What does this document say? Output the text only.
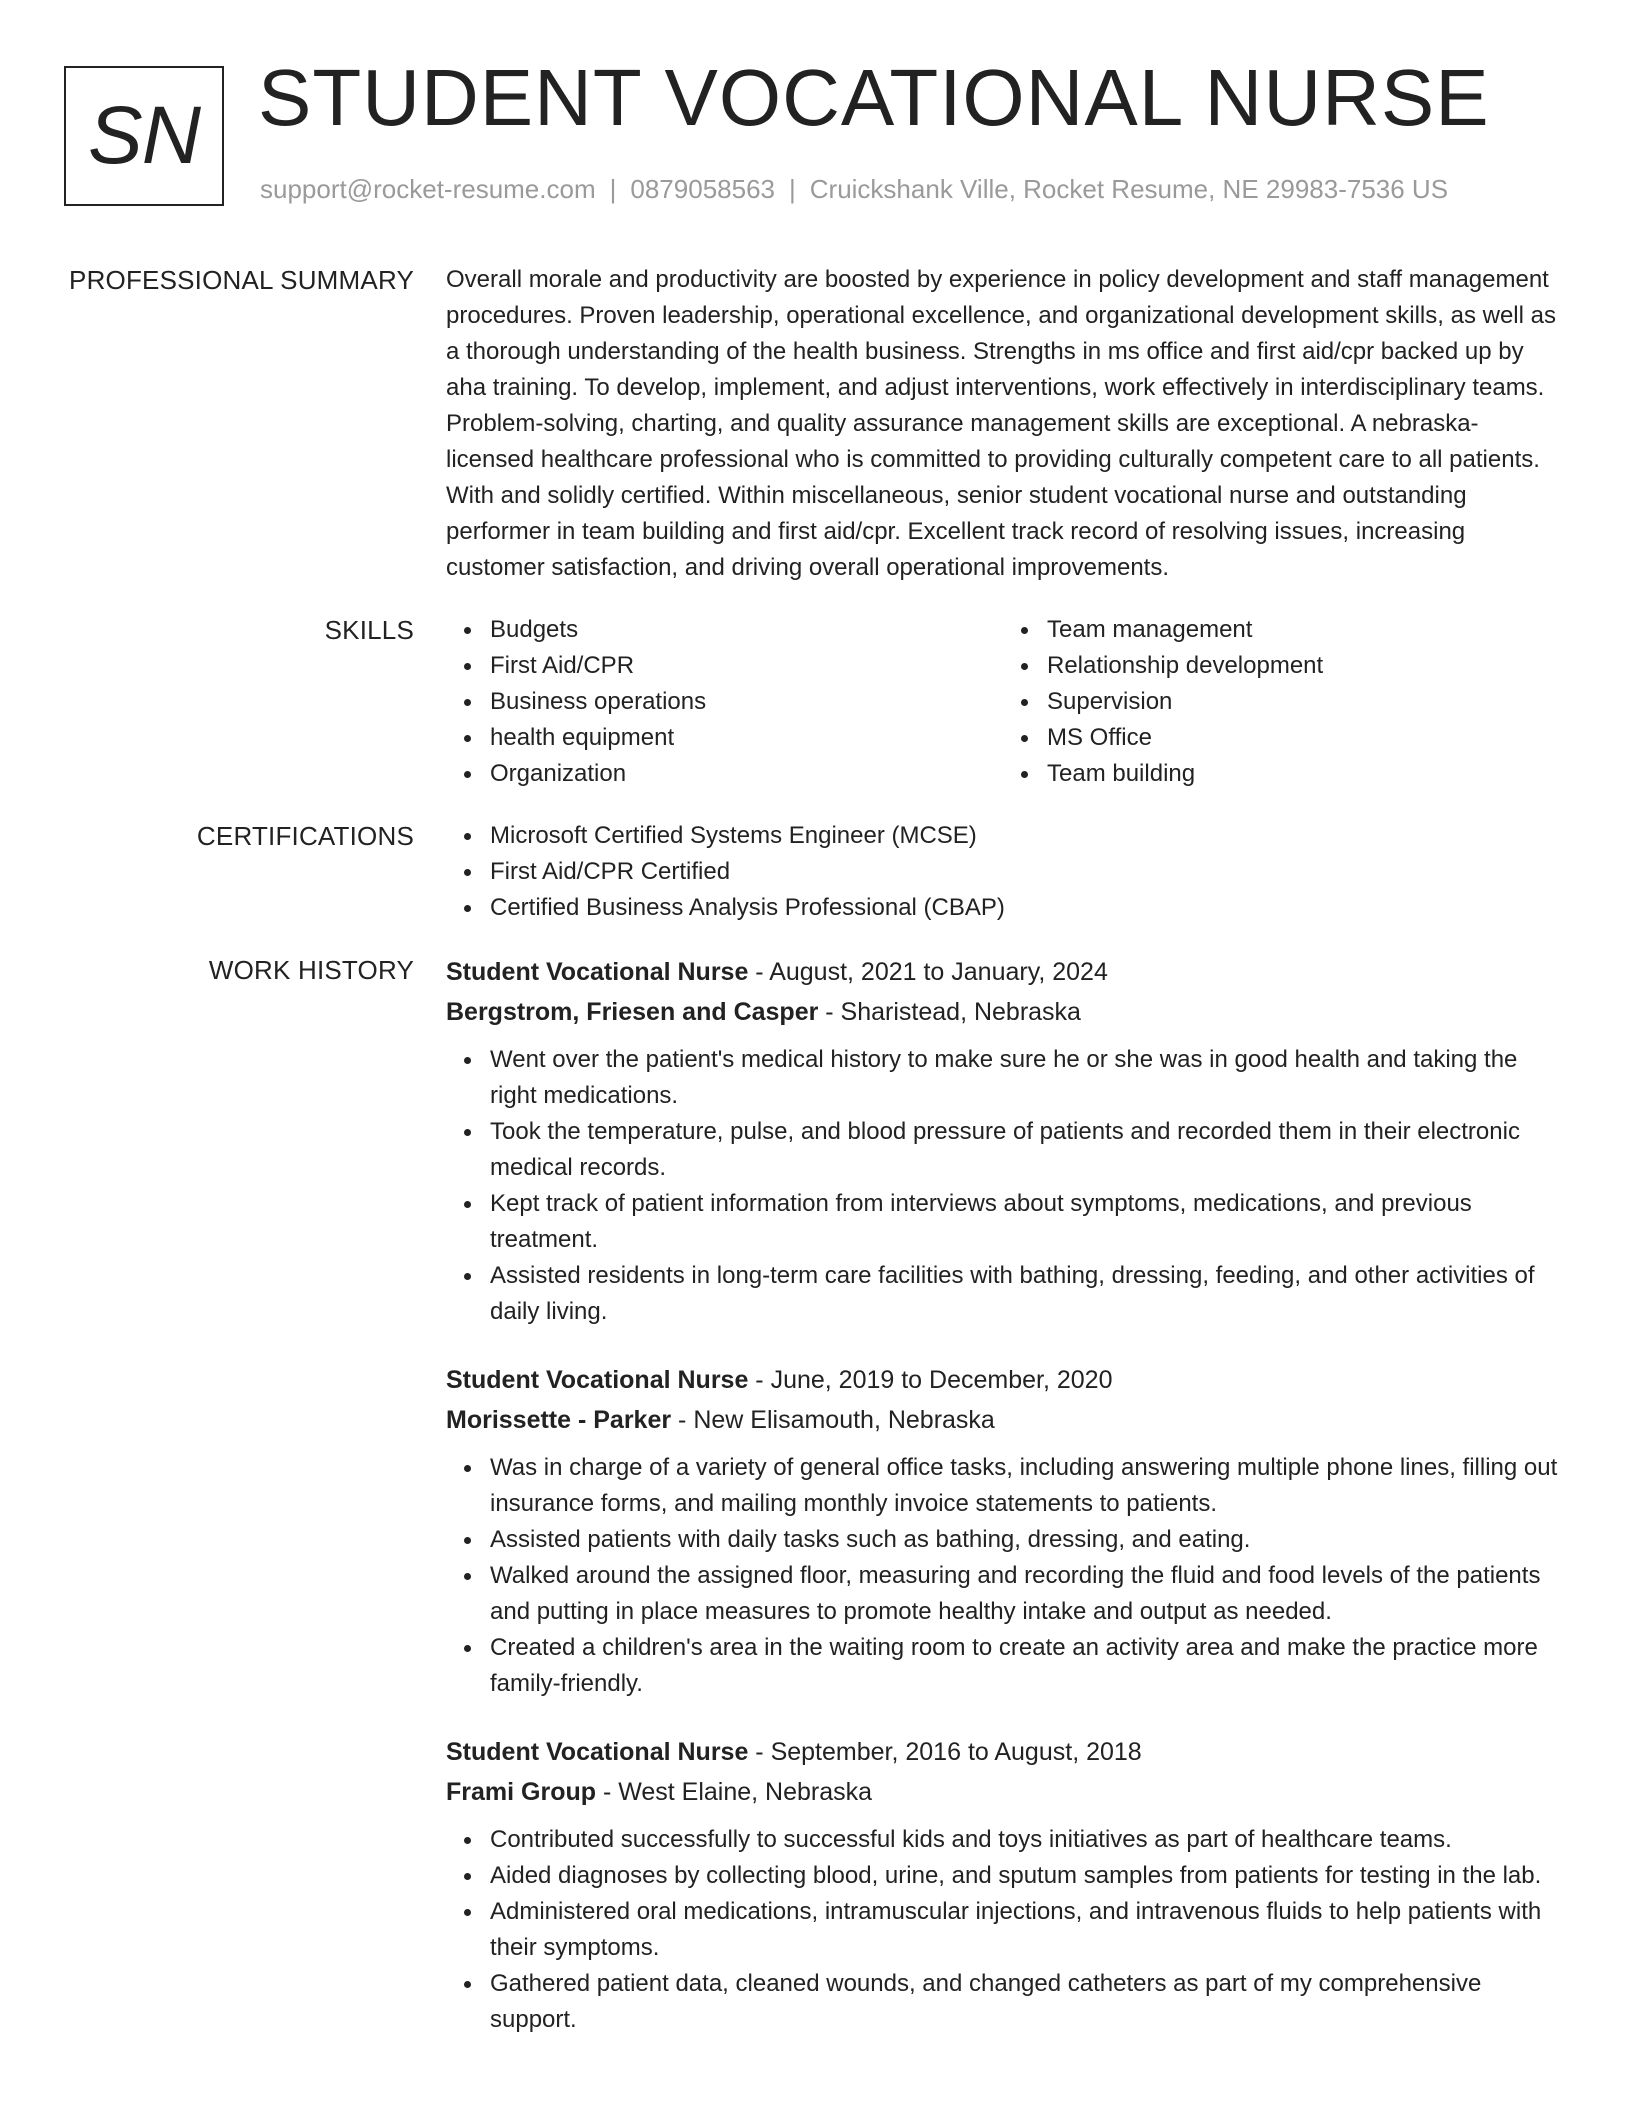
SN STUDENT VOCATIONAL NURSE
support@rocket-resume.com | 0879058563 | Cruickshank Ville, Rocket Resume, NE 29983-7536 US
PROFESSIONAL SUMMARY Overall morale and productivity are boosted by experience in policy development and staff management procedures. Proven leadership, operational excellence, and organizational development skills, as well as a thorough understanding of the health business. Strengths in ms office and first aid/cpr backed up by aha training. To develop, implement, and adjust interventions, work effectively in interdisciplinary teams. Problem-solving, charting, and quality assurance management skills are exceptional. A nebraska-licensed healthcare professional who is committed to providing culturally competent care to all patients. With and solidly certified. Within miscellaneous, senior student vocational nurse and outstanding performer in team building and first aid/cpr. Excellent track record of resolving issues, increasing customer satisfaction, and driving overall operational improvements.

SKILLS	Budgets
First Aid/CPR
Business operations
health equipment
Organization
Team management
Relationship development
Supervision
MS Office
Team building
CERTIFICATIONS	Microsoft Certified Systems Engineer (MCSE)
First Aid/CPR Certified
Certified Business Analysis Professional (CBAP)
WORK HISTORY Student Vocational Nurse - August, 2021 to January, 2024
Bergstrom, Friesen and Casper - Sharistead, Nebraska
Went over the patient's medical history to make sure he or she was in good health and taking the right medications.
Took the temperature, pulse, and blood pressure of patients and recorded them in their electronic medical records.
Kept track of patient information from interviews about symptoms, medications, and previous treatment.
Assisted residents in long-term care facilities with bathing, dressing, feeding, and other activities of daily living.
Student Vocational Nurse - June, 2019 to December, 2020
Morissette - Parker - New Elisamouth, Nebraska
Was in charge of a variety of general office tasks, including answering multiple phone lines, filling out insurance forms, and mailing monthly invoice statements to patients.
Assisted patients with daily tasks such as bathing, dressing, and eating.
Walked around the assigned floor, measuring and recording the fluid and food levels of the patients and putting in place measures to promote healthy intake and output as needed.
Created a children's area in the waiting room to create an activity area and make the practice more family-friendly.
Student Vocational Nurse - September, 2016 to August, 2018
Frami Group - West Elaine, Nebraska
Contributed successfully to successful kids and toys initiatives as part of healthcare teams.
Aided diagnoses by collecting blood, urine, and sputum samples from patients for testing in the lab.
Administered oral medications, intramuscular injections, and intravenous fluids to help patients with their symptoms.
Gathered patient data, cleaned wounds, and changed catheters as part of my comprehensive support.
